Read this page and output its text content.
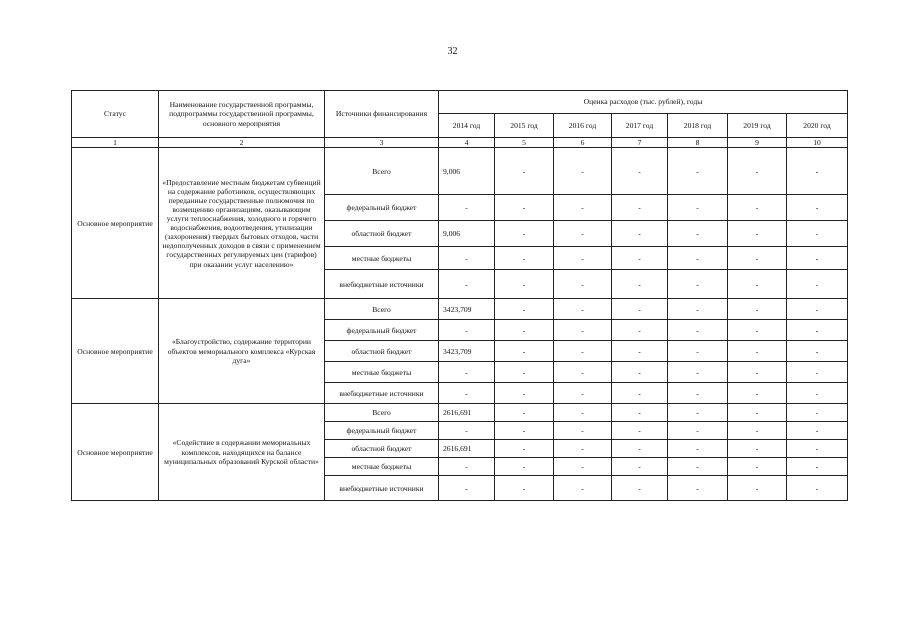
32
Статус	Наименование государственной программы, подпрограммы государственной программы, основного мероприятия	Источники финансирования	Оценка расходов (тыс. рублей), годы						
			2014 год	2015 год	2016 год	2017 год	2018 год	2019 год	2020 год
1	2	3	4	5	6	7	8	9	10
Основное мероприятие	«Предоставление местным бюджетам субвенций на содержание работников, осуществляющих переданные государственные полномочия по возмещению организациям, оказывающим услуги теплоснабжения, холодного и горячего водоснабжения, водоотведения, утилизации (захоронения) твердых бытовых отходов, части недополученных доходов в связи с применением государственных регулируемых цен (тарифов) при оказании услуг населению»	Всего	9,006	-	-	-	-	-	-
		федеральный бюджет	-	-	-	-	-	-	-
		областной бюджет	9,006	-	-	-	-	-	-
		местные бюджеты	-	-	-	-	-	-	-
		внебюджетные источники	-	-	-	-	-	-	-
Основное мероприятие	«Благоустройство, содержание территории объектов мемориального комплекса «Курская дуга»	Всего	3423,709	-	-	-	-	-	-
		федеральный бюджет	-	-	-	-	-	-	-
		областной бюджет	3423,709	-	-	-	-	-	-
		местные бюджеты	-	-	-	-	-	-	-
		внебюджетные источники	-	-	-	-	-	-	-
Основное мероприятие	«Содействие в содержании мемориальных комплексов, находящихся на балансе муниципальных образований Курской области»	Всего	2616,691	-	-	-	-	-	-
		федеральный бюджет	-	-	-	-	-	-	-
		областной бюджет	2616,691	-	-	-	-	-	-
		местные бюджеты	-	-	-	-	-	-	-
		внебюджетные источники	-	-	-	-	-	-	-
